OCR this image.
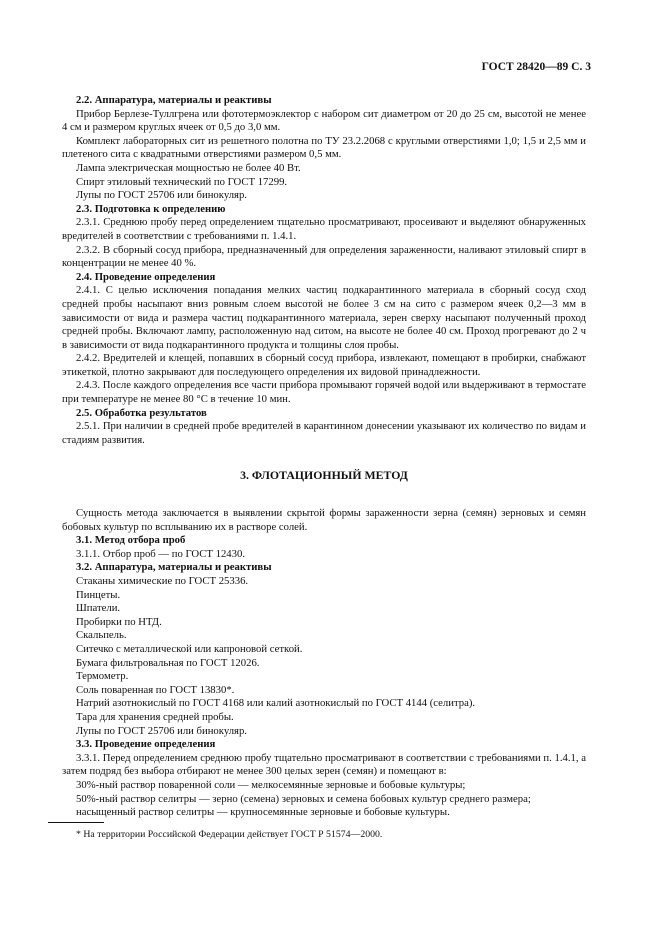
ГОСТ 28420—89 С. 3

2.2. Аппаратура, материалы и реактивы

Прибор Берлезе-Туллгрена или фототермоэклектор с набором сит диаметром от 20 до 25 см, высотой не менее 4 см и размером круглых ячеек от 0,5 до 3,0 мм.

Комплект лабораторных сит из решетного полотна по ТУ 23.2.2068 с круглыми отверстиями 1,0; 1,5 и 2,5 мм и плетеного сита с квадратными отверстиями размером 0,5 мм.

Лампа электрическая мощностью не более 40 Вт.

Спирт этиловый технический по ГОСТ 17299.

Лупы по ГОСТ 25706 или бинокуляр.

2.3. Подготовка к определению

2.3.1. Среднюю пробу перед определением тщательно просматривают, просеивают и выделяют обнаруженных вредителей в соответствии с требованиями п. 1.4.1.

2.3.2. В сборный сосуд прибора, предназначенный для определения зараженности, наливают этиловый спирт в концентрации не менее 40 %.

2.4. Проведение определения

2.4.1. С целью исключения попадания мелких частиц подкарантинного материала в сборный сосуд сход средней пробы насыпают вниз ровным слоем высотой не более 3 см на сито с размером ячеек 0,2—3 мм в зависимости от вида и размера частиц подкарантинного материала, зерен сверху насыпают полученный проход средней пробы. Включают лампу, расположенную над ситом, на высоте не более 40 см. Проход прогревают до 2 ч в зависимости от вида подкарантинного продукта и толщины слоя пробы.

2.4.2. Вредителей и клещей, попавших в сборный сосуд прибора, извлекают, помещают в пробирки, снабжают этикеткой, плотно закрывают для последующего определения их видовой принадлежности.

2.4.3. После каждого определения все части прибора промывают горячей водой или выдерживают в термостате при температуре не менее 80 °С в течение 10 мин.

2.5. Обработка результатов

2.5.1. При наличии в средней пробе вредителей в карантинном донесении указывают их количество по видам и стадиям развития.

3. ФЛОТАЦИОННЫЙ МЕТОД

Сущность метода заключается в выявлении скрытой формы зараженности зерна (семян) зерновых и семян бобовых культур по всплыванию их в растворе солей.

3.1. Метод отбора проб

3.1.1. Отбор проб — по ГОСТ 12430.

3.2. Аппаратура, материалы и реактивы

Стаканы химические по ГОСТ 25336.

Пинцеты.

Шпатели.

Пробирки по НТД.

Скальпель.

Ситечко с металлической или капроновой сеткой.

Бумага фильтровальная по ГОСТ 12026.

Термометр.

Соль поваренная по ГОСТ 13830*.

Натрий азотнокислый по ГОСТ 4168 или калий азотнокислый по ГОСТ 4144 (селитра).

Тара для хранения средней пробы.

Лупы по ГОСТ 25706 или бинокуляр.

3.3. Проведение определения

3.3.1. Перед определением среднюю пробу тщательно просматривают в соответствии с требованиями п. 1.4.1, а затем подряд без выбора отбирают не менее 300 целых зерен (семян) и помещают в:

30%-ный раствор поваренной соли — мелкосемянные зерновые и бобовые культуры;

50%-ный раствор селитры — зерно (семена) зерновых и семена бобовых культур среднего размера;

насыщенный раствор селитры — крупносемянные зерновые и бобовые культуры.

* На территории Российской Федерации действует ГОСТ Р 51574—2000.
